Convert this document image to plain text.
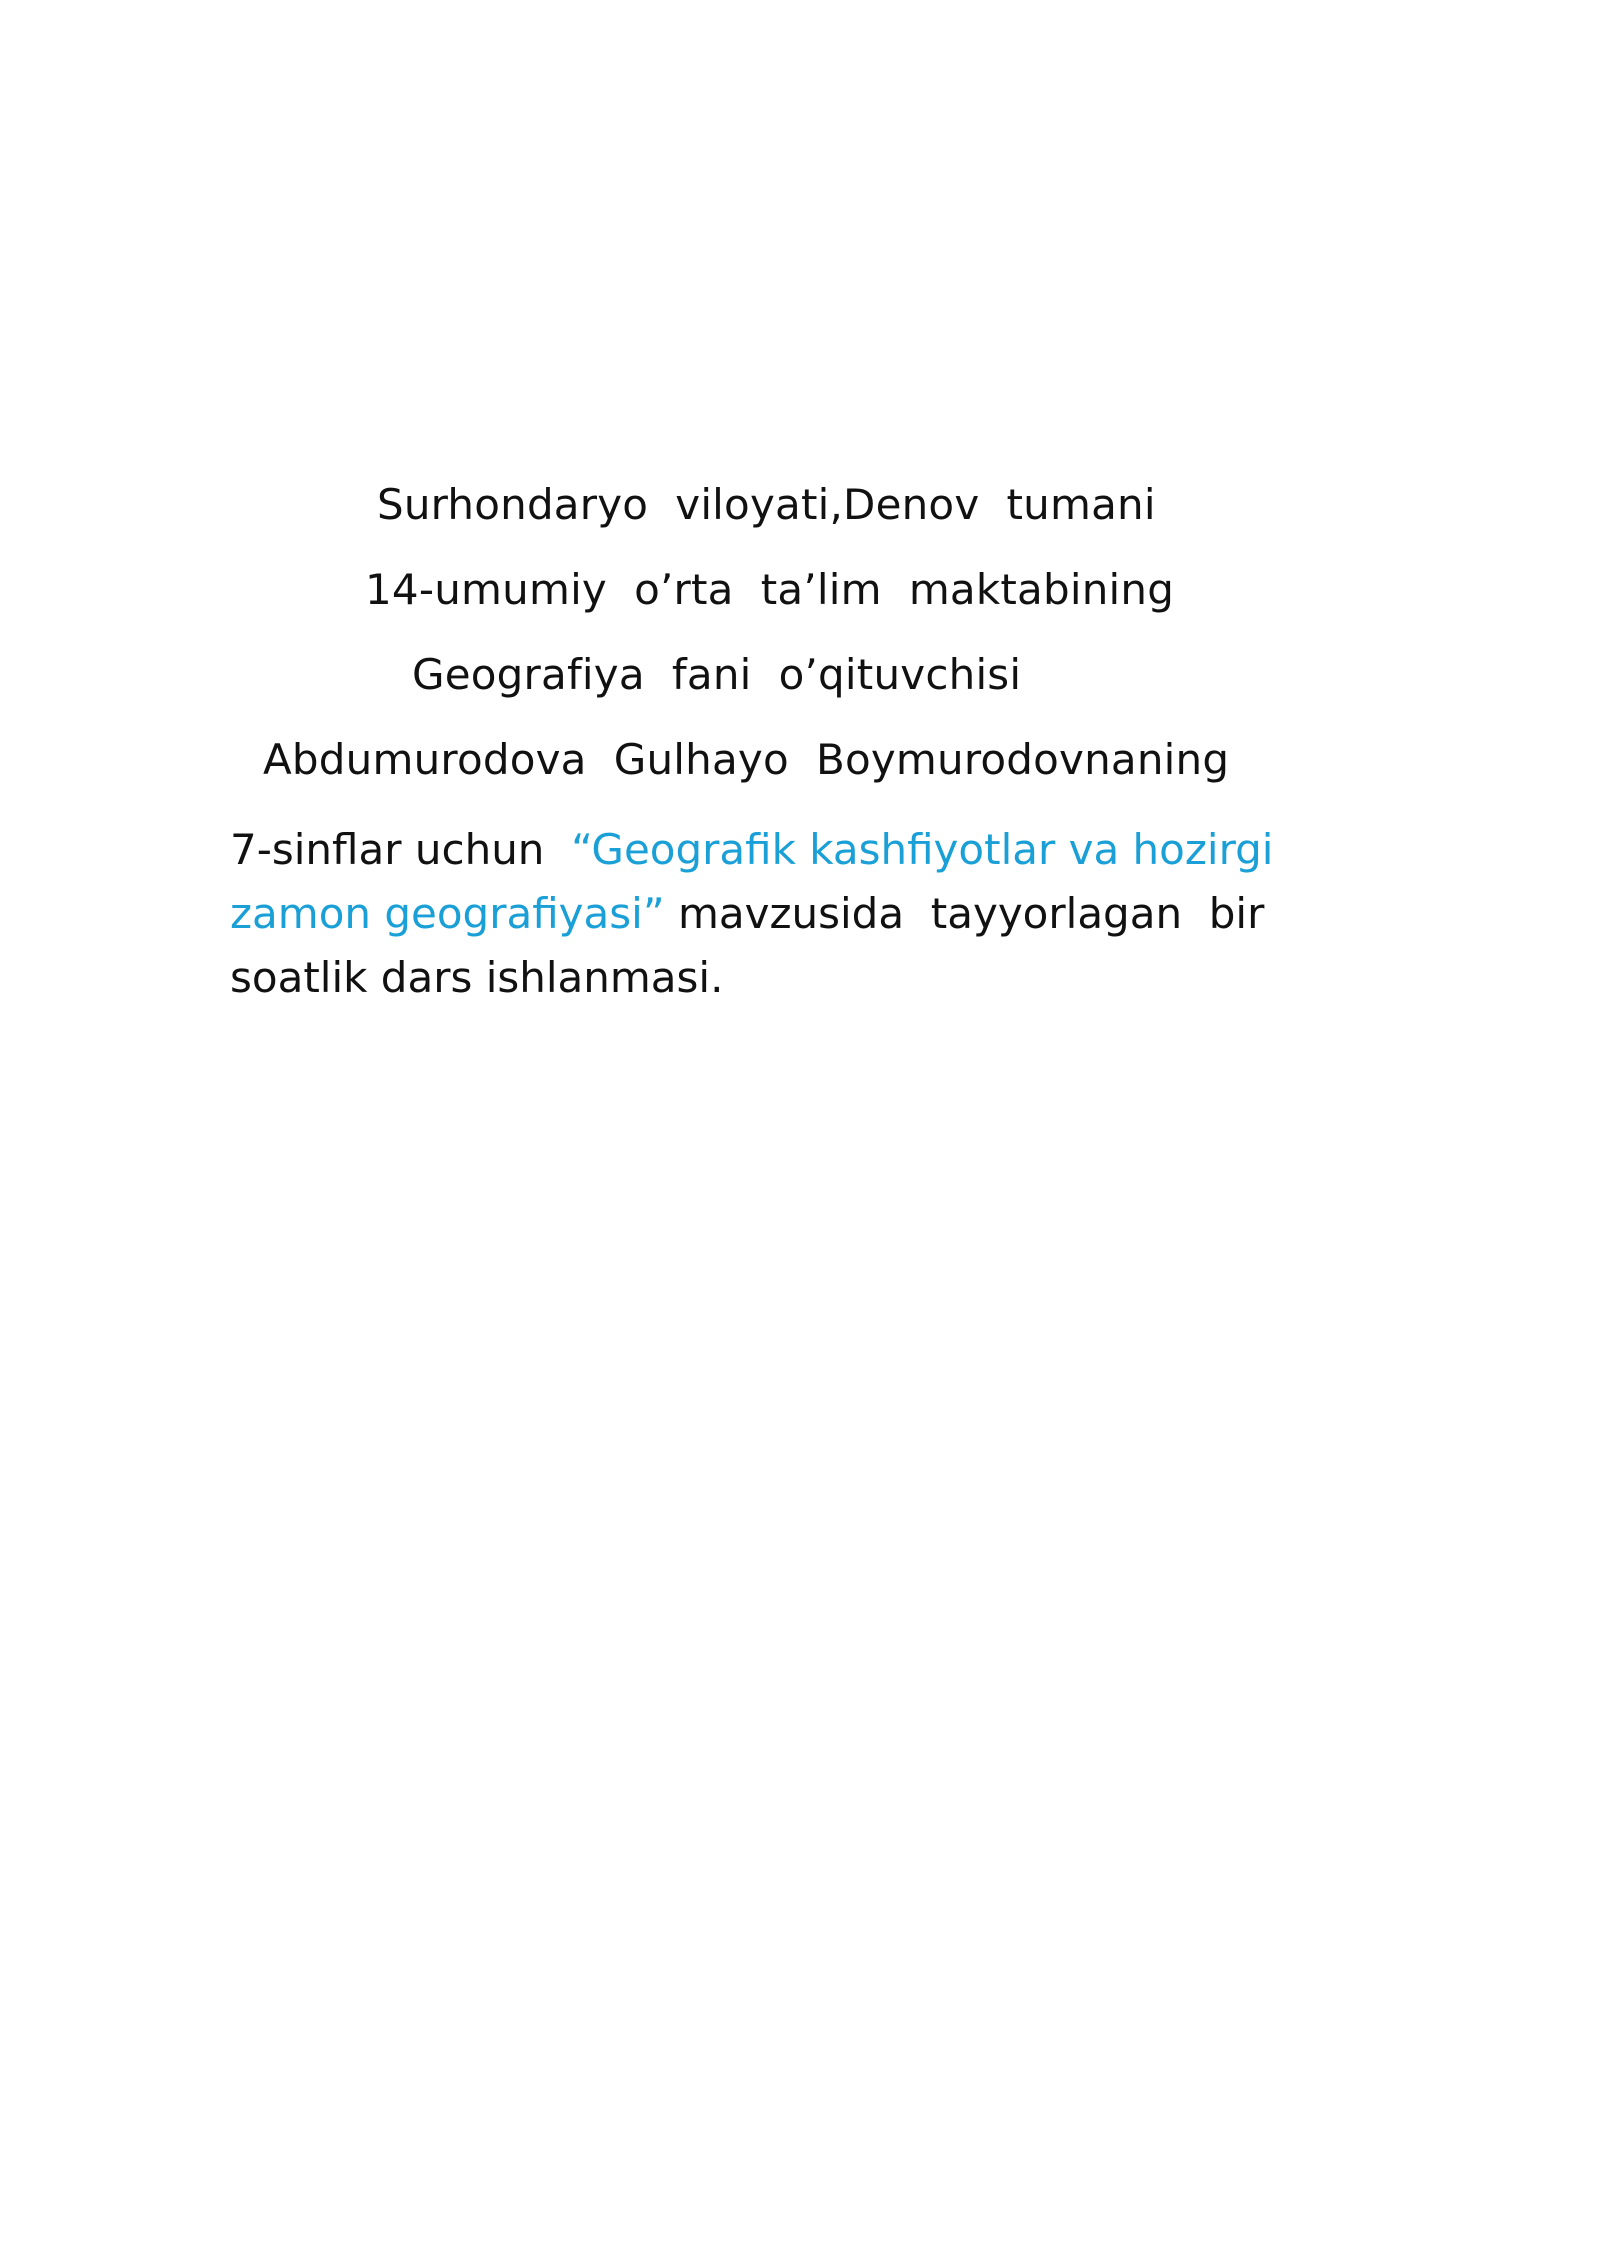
Surhondaryo  viloyati,Denov  tumani
14-umumiy  o’rta  ta’lim  maktabining
Geografiya  fani  o’qituvchisi
Abdumurodova  Gulhayo  Boymurodovnaning
7-sinflar uchun  “Geografik kashfiyotlar va hozirgi zamon geografiyasi” mavzusida  tayyorlagan  bir  soatlik dars ishlanmasi.
